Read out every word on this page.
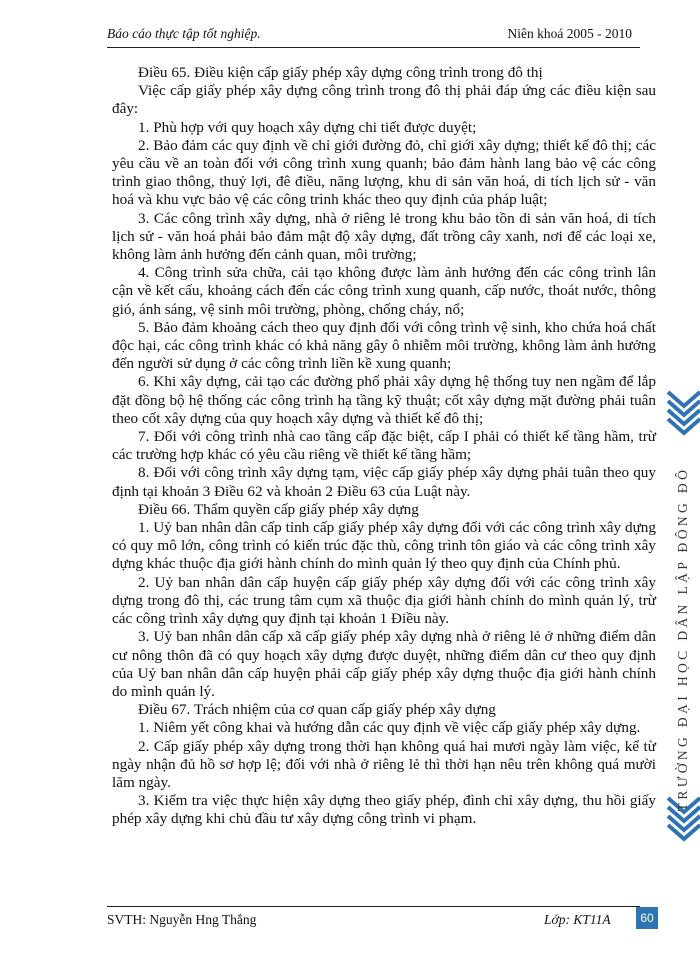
Báo cáo thực tập tốt nghiệp.	Niên khoá 2005 - 2010

Điều 65. Điều kiện cấp giấy phép xây dựng công trình trong đô thị

Việc cấp giấy phép xây dựng công trình trong đô thị phải đáp ứng các điều kiện sau đây:

1. Phù hợp với quy hoạch xây dựng chi tiết được duyệt;

2. Bảo đảm các quy định về chỉ giới đường đỏ, chỉ giới xây dựng; thiết kế đô thị; các yêu cầu về an toàn đối với công trình xung quanh; bảo đảm hành lang bảo vệ các công trình giao thông, thuỷ lợi, đê điều, năng lượng, khu di sản văn hoá, di tích lịch sử - văn hoá và khu vực bảo vệ các công trình khác theo quy định của pháp luật;

3. Các công trình xây dựng, nhà ở riêng lẻ trong khu bảo tồn di sản văn hoá, di tích lịch sử - văn hoá phải bảo đảm mật độ xây dựng, đất trồng cây xanh, nơi để các loại xe, không làm ảnh hưởng đến cảnh quan, môi trường;

4. Công trình sửa chữa, cải tạo không được làm ảnh hưởng đến các công trình lân cận về kết cấu, khoảng cách đến các công trình xung quanh, cấp nước, thoát nước, thông gió, ánh sáng, vệ sinh môi trường, phòng, chống cháy, nổ;

5. Bảo đảm khoảng cách theo quy định đối với công trình vệ sinh, kho chứa hoá chất độc hại, các công trình khác có khả năng gây ô nhiễm môi trường, không làm ảnh hưởng đến người sử dụng ở các công trình liền kề xung quanh;

6. Khi xây dựng, cải tạo các đường phố phải xây dựng hệ thống tuy nen ngầm để lắp đặt đồng bộ hệ thống các công trình hạ tầng kỹ thuật; cốt xây dựng mặt đường phải tuân theo cốt xây dựng của quy hoạch xây dựng và thiết kế đô thị;

7. Đối với công trình nhà cao tầng cấp đặc biệt, cấp I phải có thiết kế tầng hầm, trừ các trường hợp khác có yêu cầu riêng về thiết kế tầng hầm;

8. Đối với công trình xây dựng tạm, việc cấp giấy phép xây dựng phải tuân theo quy định tại khoản 3 Điều 62 và khoản 2 Điều 63 của Luật này.

Điều 66. Thẩm quyền cấp giấy phép xây dựng

1. Uỷ ban nhân dân cấp tỉnh cấp giấy phép xây dựng đối với các công trình xây dựng có quy mô lớn, công trình có kiến trúc đặc thù, công trình tôn giáo và các công trình xây dựng khác thuộc địa giới hành chính do mình quản lý theo quy định của Chính phủ.

2. Uỷ ban nhân dân cấp huyện cấp giấy phép xây dựng đối với các công trình xây dựng trong đô thị, các trung tâm cụm xã thuộc địa giới hành chính do mình quản lý, trừ các công trình xây dựng quy định tại khoản 1 Điều này.

3. Uỷ ban nhân dân cấp xã cấp giấy phép xây dựng nhà ở riêng lẻ ở những điểm dân cư nông thôn đã có quy hoạch xây dựng được duyệt, những điểm dân cư theo quy định của Uỷ ban nhân dân cấp huyện phải cấp giấy phép xây dựng thuộc địa giới hành chính do mình quản lý.

Điều 67. Trách nhiệm của cơ quan cấp giấy phép xây dựng

1. Niêm yết công khai và hướng dẫn các quy định về việc cấp giấy phép xây dựng.

2. Cấp giấy phép xây dựng trong thời hạn không quá hai mươi ngày làm việc, kể từ ngày nhận đủ hồ sơ hợp lệ; đối với nhà ở riêng lẻ thì thời hạn nêu trên không quá mười lăm ngày.

3. Kiểm tra việc thực hiện xây dựng theo giấy phép, đình chỉ xây dựng, thu hồi giấy phép xây dựng khi chủ đầu tư xây dựng công trình vi phạm.

TRƯỜNG ĐẠI HỌC DÂN LẬP ĐÔNG ĐÔ
SVTH: Nguyễn Hng Thắng	Lớp: KT11A	60
